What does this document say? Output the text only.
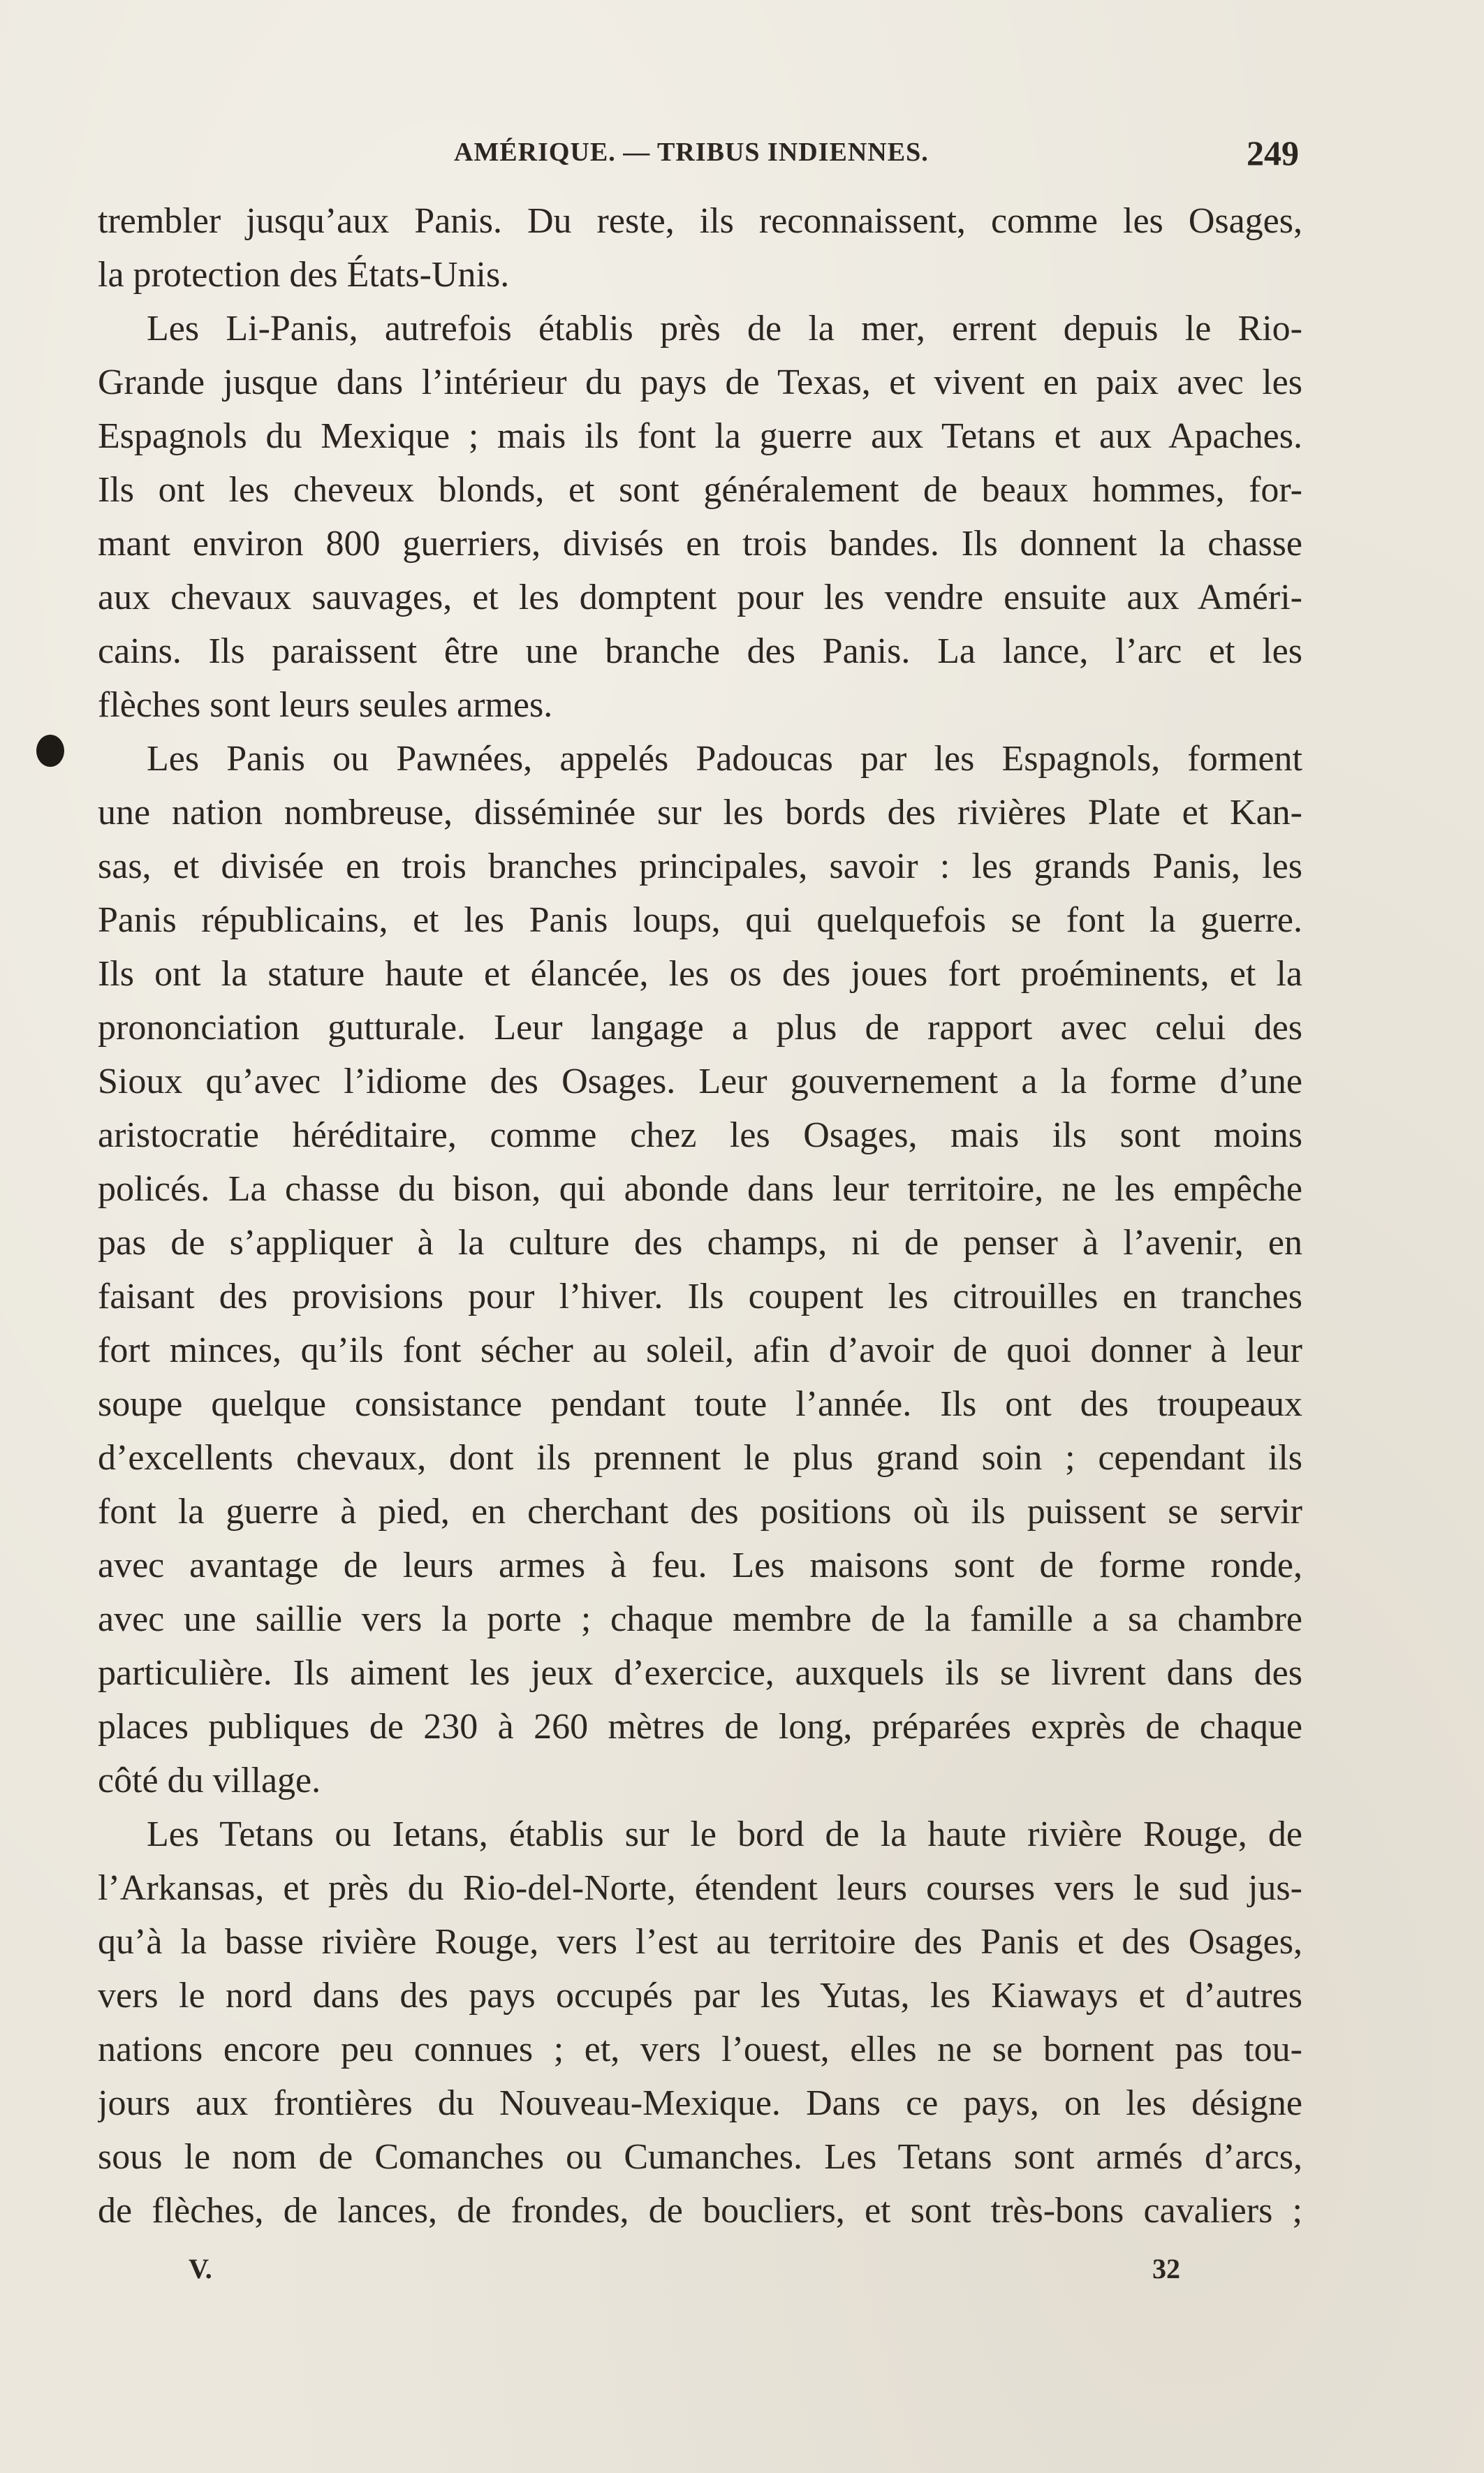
AMÉRIQUE. — TRIBUS INDIENNES.	249
trembler jusqu’aux Panis. Du reste, ils reconnaissent, comme les Osages,
la protection des États-Unis.
Les Li-Panis, autrefois établis près de la mer, errent depuis le Rio-
Grande jusque dans l’intérieur du pays de Texas, et vivent en paix avec les
Espagnols du Mexique ; mais ils font la guerre aux Tetans et aux Apaches.
Ils ont les cheveux blonds, et sont généralement de beaux hommes, for-
mant environ 800 guerriers, divisés en trois bandes. Ils donnent la chasse
aux chevaux sauvages, et les domptent pour les vendre ensuite aux Améri-
cains. Ils paraissent être une branche des Panis. La lance, l’arc et les
flèches sont leurs seules armes.
Les Panis ou Pawnées, appelés Padoucas par les Espagnols, forment
une nation nombreuse, disséminée sur les bords des rivières Plate et Kan-
sas, et divisée en trois branches principales, savoir : les grands Panis, les
Panis républicains, et les Panis loups, qui quelquefois se font la guerre.
Ils ont la stature haute et élancée, les os des joues fort proéminents, et la
prononciation gutturale. Leur langage a plus de rapport avec celui des
Sioux qu’avec l’idiome des Osages. Leur gouvernement a la forme d’une
aristocratie héréditaire, comme chez les Osages, mais ils sont moins
policés. La chasse du bison, qui abonde dans leur territoire, ne les empêche
pas de s’appliquer à la culture des champs, ni de penser à l’avenir, en
faisant des provisions pour l’hiver. Ils coupent les citrouilles en tranches
fort minces, qu’ils font sécher au soleil, afin d’avoir de quoi donner à leur
soupe quelque consistance pendant toute l’année. Ils ont des troupeaux
d’excellents chevaux, dont ils prennent le plus grand soin ; cependant ils
font la guerre à pied, en cherchant des positions où ils puissent se servir
avec avantage de leurs armes à feu. Les maisons sont de forme ronde,
avec une saillie vers la porte ; chaque membre de la famille a sa chambre
particulière. Ils aiment les jeux d’exercice, auxquels ils se livrent dans des
places publiques de 230 à 260 mètres de long, préparées exprès de chaque
côté du village.
Les Tetans ou Ietans, établis sur le bord de la haute rivière Rouge, de
l’Arkansas, et près du Rio-del-Norte, étendent leurs courses vers le sud jus-
qu’à la basse rivière Rouge, vers l’est au territoire des Panis et des Osages,
vers le nord dans des pays occupés par les Yutas, les Kiaways et d’autres
nations encore peu connues ; et, vers l’ouest, elles ne se bornent pas tou-
jours aux frontières du Nouveau-Mexique. Dans ce pays, on les désigne
sous le nom de Comanches ou Cumanches. Les Tetans sont armés d’arcs,
de flèches, de lances, de frondes, de boucliers, et sont très-bons cavaliers ;
V.	32
